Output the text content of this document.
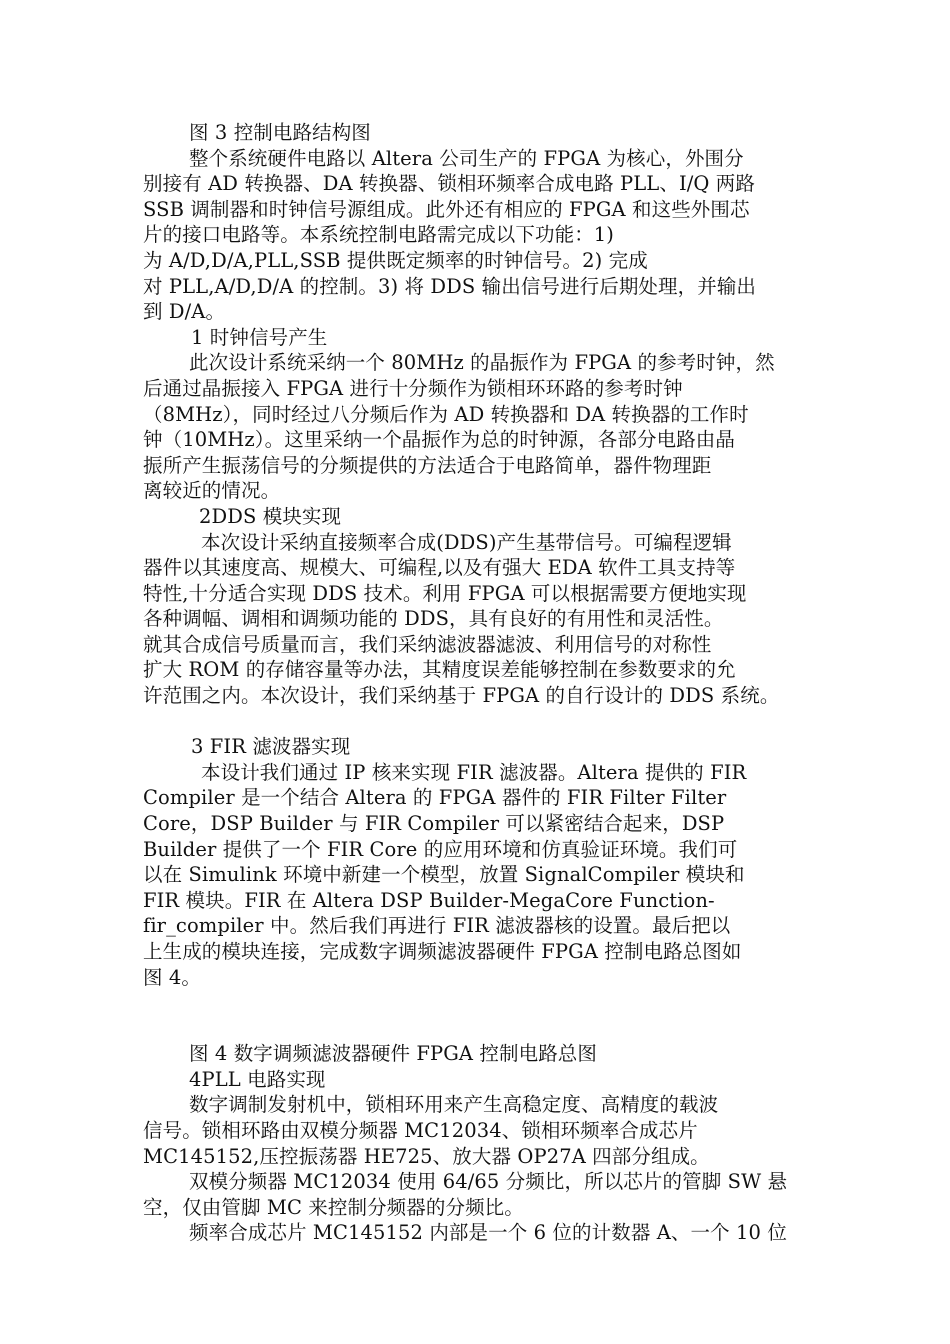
图 3 控制电路结构图
整个系统硬件电路以 Altera 公司生产的 FPGA 为核心，外围分
别接有 AD 转换器、DA 转换器、锁相环频率合成电路 PLL、I/Q 两路
SSB 调制器和时钟信号源组成。此外还有相应的 FPGA 和这些外围芯
片的接口电路等。本系统控制电路需完成以下功能：1)
为 A/D,D/A,PLL,SSB 提供既定频率的时钟信号。2) 完成
对 PLL,A/D,D/A 的控制。3) 将 DDS 输出信号进行后期处理，并输出
到 D/A。
1 时钟信号产生
此次设计系统采纳一个 80MHz 的晶振作为 FPGA 的参考时钟，然
后通过晶振接入 FPGA 进行十分频作为锁相环环路的参考时钟
（8MHz），同时经过八分频后作为 AD 转换器和 DA 转换器的工作时
钟（10MHz）。这里采纳一个晶振作为总的时钟源，各部分电路由晶
振所产生振荡信号的分频提供的方法适合于电路简单，器件物理距
离较近的情况。
2DDS 模块实现
本次设计采纳直接频率合成(DDS)产生基带信号。可编程逻辑
器件以其速度高、规模大、可编程,以及有强大 EDA 软件工具支持等
特性,十分适合实现 DDS 技术。利用 FPGA 可以根据需要方便地实现
各种调幅、调相和调频功能的 DDS，具有良好的有用性和灵活性。
就其合成信号质量而言，我们采纳滤波器滤波、利用信号的对称性
扩大 ROM 的存储容量等办法，其精度误差能够控制在参数要求的允
许范围之内。本次设计，我们采纳基于 FPGA 的自行设计的 DDS 系统。
3 FIR 滤波器实现
本设计我们通过 IP 核来实现 FIR 滤波器。Altera 提供的 FIR
Compiler 是一个结合 Altera 的 FPGA 器件的 FIR Filter Filter
Core，DSP Builder 与 FIR Compiler 可以紧密结合起来，DSP
Builder 提供了一个 FIR Core 的应用环境和仿真验证环境。我们可
以在 Simulink 环境中新建一个模型，放置 SignalCompiler 模块和
FIR 模块。FIR 在 Altera DSP Builder-MegaCore Function-
fir_compiler 中。然后我们再进行 FIR 滤波器核的设置。最后把以
上生成的模块连接，完成数字调频滤波器硬件 FPGA 控制电路总图如
图 4。
图 4 数字调频滤波器硬件 FPGA 控制电路总图
4PLL 电路实现
数字调制发射机中，锁相环用来产生高稳定度、高精度的载波
信号。锁相环路由双模分频器 MC12034、锁相环频率合成芯片
MC145152,压控振荡器 HE725、放大器 OP27A 四部分组成。
双模分频器 MC12034 使用 64/65 分频比，所以芯片的管脚 SW 悬
空，仅由管脚 MC 来控制分频器的分频比。
频率合成芯片 MC145152 内部是一个 6 位的计数器 A、一个 10 位
